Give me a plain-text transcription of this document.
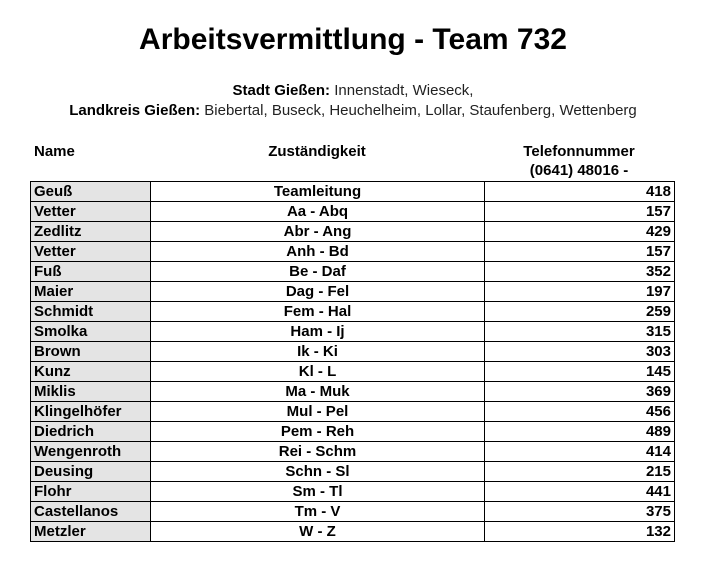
Arbeitsvermittlung - Team 732
Stadt Gießen: Innenstadt, Wieseck,
Landkreis Gießen: Biebertal, Buseck, Heuchelheim, Lollar, Staufenberg, Wettenberg
Name	Zuständigkeit	Telefonnummer
(0641) 48016 -
Geuß	Teamleitung	418
Vetter	Aa - Abq	157
Zedlitz	Abr - Ang	429
Vetter	Anh - Bd	157
Fuß	Be - Daf	352
Maier	Dag - Fel	197
Schmidt	Fem - Hal	259
Smolka	Ham - Ij	315
Brown	Ik - Ki	303
Kunz	Kl - L	145
Miklis	Ma - Muk	369
Klingelhöfer	Mul - Pel	456
Diedrich	Pem - Reh	489
Wengenroth	Rei - Schm	414
Deusing	Schn - Sl	215
Flohr	Sm - Tl	441
Castellanos	Tm - V	375
Metzler	W - Z	132
